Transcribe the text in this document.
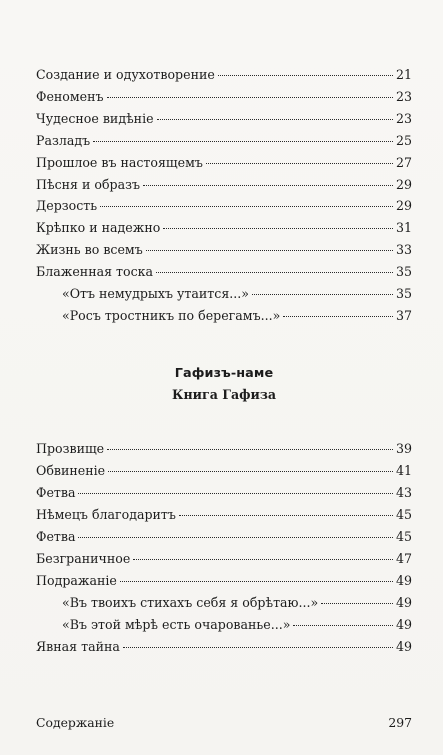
Создание и одухотворение	21
Феноменъ	23
Чудесное видѣніе	23
Разладъ	25
Прошлое въ настоящемъ	27
Пѣсня и образъ	29
Дерзость	29
Крѣпко и надежно	31
Жизнь во всемъ	33
Блаженная тоска	35
«Отъ немудрыхъ утаится...»	35
«Росъ тростникъ по берегамъ...»	37
Гафизъ-наме
Книга Гафиза
Прозвище	39
Обвиненіе	41
Фетва	43
Нѣмецъ благодаритъ	45
Фетва	45
Безграничное	47
Подражаніе	49
«Въ твоихъ стихахъ себя я обрѣтаю...»	49
«Въ этой мѣрѣ есть очарованье...»	49
Явная тайна	49
Содержаніе	297
